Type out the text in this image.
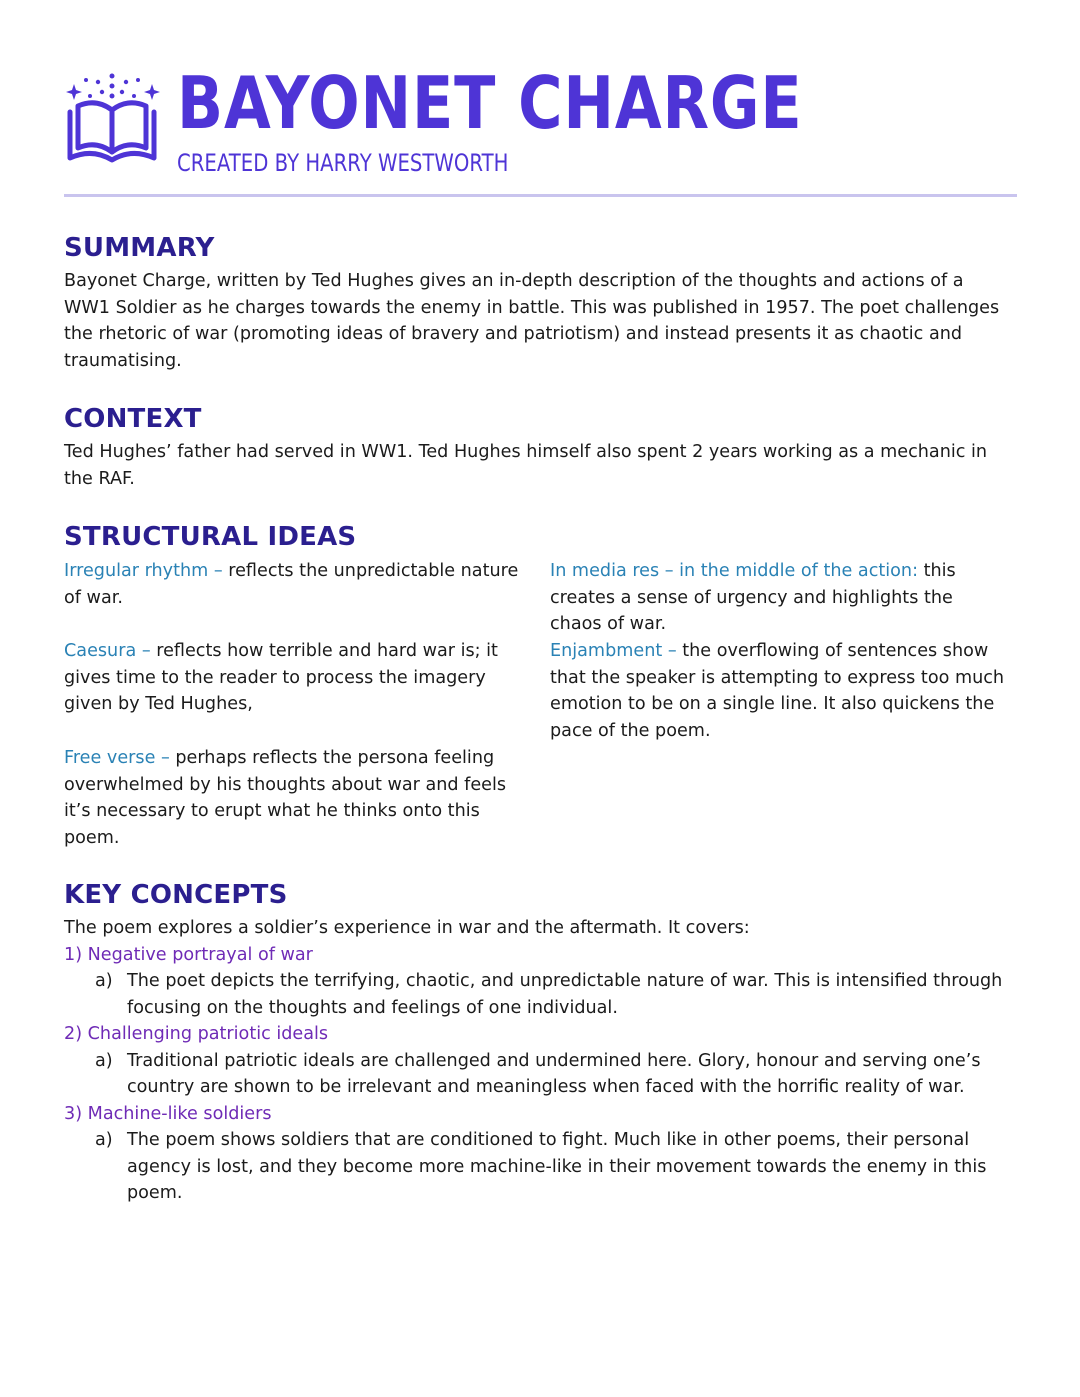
BAYONET CHARGE
CREATED BY HARRY WESTWORTH
SUMMARY

Bayonet Charge, written by Ted Hughes gives an in-depth description of the thoughts and actions of a WW1 Soldier as he charges towards the enemy in battle. This was published in 1957. The poet challenges the rhetoric of war (promoting ideas of bravery and patriotism) and instead presents it as chaotic and traumatising.

CONTEXT

Ted Hughes’ father had served in WW1. Ted Hughes himself also spent 2 years working as a mechanic in the RAF.

STRUCTURAL IDEAS

Irregular rhythm – reflects the unpredictable nature of war.

Caesura – reflects how terrible and hard war is; it gives time to the reader to process the imagery given by Ted Hughes,

Free verse – perhaps reflects the persona feeling overwhelmed by his thoughts about war and feels it’s necessary to erupt what he thinks onto this poem.

In media res – in the middle of the action: this creates a sense of urgency and highlights the chaos of war.

Enjambment – the overflowing of sentences show that the speaker is attempting to express too much emotion to be on a single line. It also quickens the pace of the poem.

KEY CONCEPTS

The poem explores a soldier’s experience in war and the aftermath. It covers:

1) Negative portrayal of war
a) The poet depicts the terrifying, chaotic, and unpredictable nature of war. This is intensified through focusing on the thoughts and feelings of one individual.
2) Challenging patriotic ideals
a) Traditional patriotic ideals are challenged and undermined here. Glory, honour and serving one’s country are shown to be irrelevant and meaningless when faced with the horrific reality of war.
3) Machine-like soldiers
a) The poem shows soldiers that are conditioned to fight. Much like in other poems, their personal agency is lost, and they become more machine-like in their movement towards the enemy in this poem.
